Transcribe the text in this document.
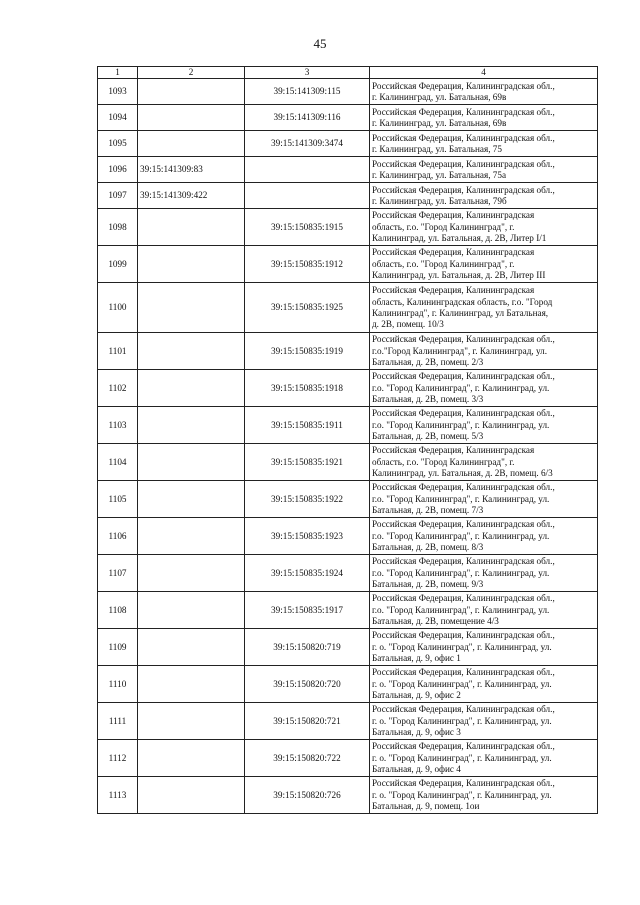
45
1	2	3	4
1093		39:15:141309:115	Российская Федерация, Калининградская обл.,
г. Калининград, ул. Батальная, 69в

1094		39:15:141309:116	Российская Федерация, Калининградская обл.,
г. Калининград, ул. Батальная, 69в

1095		39:15:141309:3474	Российская Федерация, Калининградская обл.,
г. Калининград, ул. Батальная, 75

1096	39:15:141309:83		Российская Федерация, Калининградская обл.,
г. Калининград, ул. Батальная, 75а

1097	39:15:141309:422		Российская Федерация, Калининградская обл.,
г. Калининград, ул. Батальная, 79б

1098		39:15:150835:1915	Российская Федерация, Калининградская
область, г.о. "Город Калининград", г.
Калининград, ул. Батальная, д. 2В, Литер I/1

1099		39:15:150835:1912	Российская Федерация, Калининградская
область, г.о. "Город Калининград", г.
Калининград, ул. Батальная, д. 2В, Литер III

1100		39:15:150835:1925	Российская Федерация, Калининградская
область, Калининградская область, г.о. "Город
Калининград", г. Калининград, ул Батальная,
д. 2В, помещ. 10/3

1101		39:15:150835:1919	Российская Федерация, Калининградская обл.,
г.о."Город Калининград", г. Калининград, ул.
Батальная, д. 2В, помещ. 2/3

1102		39:15:150835:1918	Российская Федерация, Калининградская обл.,
г.о. "Город Калининград", г. Калининград, ул.
Батальная, д. 2В, помещ. 3/3

1103		39:15:150835:1911	Российская Федерация, Калининградская обл.,
г.о. "Город Калининград", г. Калининград, ул.
Батальная, д. 2В, помещ. 5/3

1104		39:15:150835:1921	Российская Федерация, Калининградская
область, г.о. "Город Калининград", г.
Калининград, ул. Батальная, д. 2В, помещ. 6/3

1105		39:15:150835:1922	Российская Федерация, Калининградская обл.,
г.о. "Город Калининград", г. Калининград, ул.
Батальная, д. 2В, помещ. 7/3

1106		39:15:150835:1923	Российская Федерация, Калининградская обл.,
г.о. "Город Калининград", г. Калининград, ул.
Батальная, д. 2В, помещ. 8/3

1107		39:15:150835:1924	Российская Федерация, Калининградская обл.,
г.о. "Город Калининград", г. Калининград, ул.
Батальная, д. 2В, помещ. 9/3

1108		39:15:150835:1917	Российская Федерация, Калининградская обл.,
г.о. "Город Калининград", г. Калининград, ул.
Батальная, д. 2В, помещение 4/3

1109		39:15:150820:719	Российская Федерация, Калининградская обл.,
г. о. "Город Калининград", г. Калининград, ул.
Батальная, д. 9, офис 1

1110		39:15:150820:720	Российская Федерация, Калининградская обл.,
г. о. "Город Калининград", г. Калининград, ул.
Батальная, д. 9, офис 2

1111		39:15:150820:721	Российская Федерация, Калининградская обл.,
г. о. "Город Калининград", г. Калининград, ул.
Батальная, д. 9, офис 3

1112		39:15:150820:722	Российская Федерация, Калининградская обл.,
г. о. "Город Калининград", г. Калининград, ул.
Батальная, д. 9, офис 4

1113		39:15:150820:726	Российская Федерация, Калининградская обл.,
г. о. "Город Калининград", г. Калининград, ул.
Батальная, д. 9, помещ. 1ои
